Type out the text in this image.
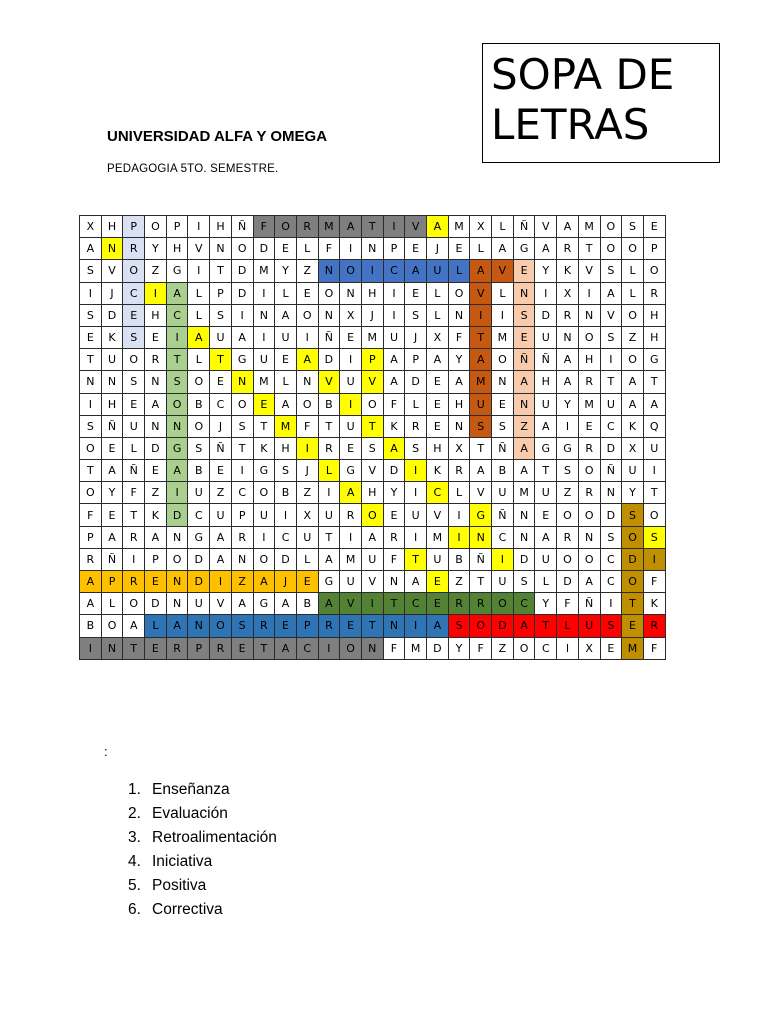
SOPA DE
LETRAS
UNIVERSIDAD ALFA Y OMEGA
PEDAGOGIA 5TO. SEMESTRE.
X	H	P	O	P	I	H	Ñ	F	O	R	M	A	T	I	V	A	M	X	L	Ñ	V	A	M	O	S	E
A	N	R	Y	H	V	N	O	D	E	L	F	I	N	P	E	J	E	L	A	G	A	R	T	O	O	P
S	V	O	Z	G	I	T	D	M	Y	Z	N	O	I	C	A	U	L	A	V	E	Y	K	V	S	L	O
I	J	C	I	A	L	P	D	I	L	E	O	N	H	I	E	L	O	V	L	N	I	X	I	A	L	R
S	D	E	H	C	L	S	I	N	A	O	N	X	J	I	S	L	N	I	I	S	D	R	N	V	O	H
E	K	S	E	I	A	U	A	I	U	I	Ñ	E	M	U	J	X	F	T	M	E	U	N	O	S	Z	H
T	U	O	R	T	L	T	G	U	E	A	D	I	P	A	P	A	Y	A	O	Ñ	Ñ	A	H	I	O	G
N	N	S	N	S	O	E	N	M	L	N	V	U	V	A	D	E	A	M	N	A	H	A	R	T	A	T
I	H	E	A	O	B	C	O	E	A	O	B	I	O	F	L	E	H	U	E	N	U	Y	M	U	A	A
S	Ñ	U	N	N	O	J	S	T	M	F	T	U	T	K	R	E	N	S	S	Z	A	I	E	C	K	Q
O	E	L	D	G	S	Ñ	T	K	H	I	R	E	S	A	S	H	X	T	Ñ	A	G	G	R	D	X	U
T	A	Ñ	E	A	B	E	I	G	S	J	L	G	V	D	I	K	R	A	B	A	T	S	O	Ñ	U	I
O	Y	F	Z	I	U	Z	C	O	B	Z	I	A	H	Y	I	C	L	V	U	M	U	Z	R	N	Y	T
F	E	T	K	D	C	U	P	U	I	X	U	R	O	E	U	V	I	G	Ñ	N	E	O	O	D	S	O
P	A	R	A	N	G	A	R	I	C	U	T	I	A	R	I	M	I	N	C	N	A	R	N	S	O	S
R	Ñ	I	P	O	D	A	N	O	D	L	A	M	U	F	T	U	B	Ñ	I	D	U	O	O	C	D	I
A	P	R	E	N	D	I	Z	A	J	E	G	U	V	N	A	E	Z	T	U	S	L	D	A	C	O	F
A	L	O	D	N	U	V	A	G	A	B	A	V	I	T	C	E	R	R	O	C	Y	F	Ñ	I	T	K
B	O	A	L	A	N	O	S	R	E	P	R	E	T	N	I	A	S	O	D	A	T	L	U	S	E	R
I	N	T	E	R	P	R	E	T	A	C	I	O	N	F	M	D	Y	F	Z	O	C	I	X	E	M	F
:
1. Enseñanza
2. Evaluación
3. Retroalimentación
4. Iniciativa
5. Positiva
6. Correctiva
